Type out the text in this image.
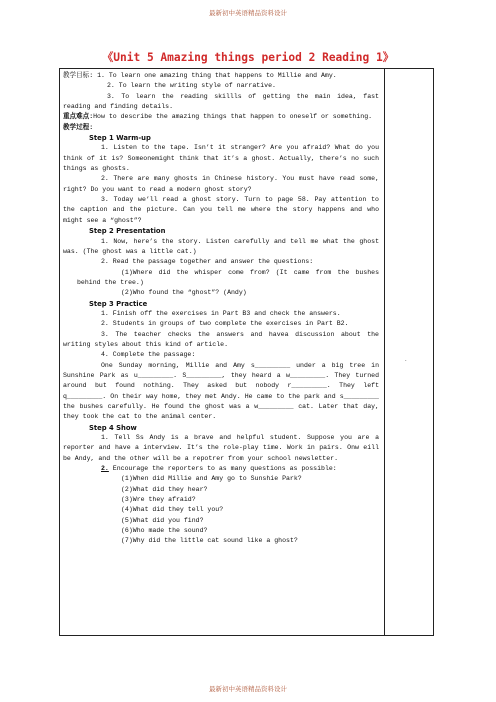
最新初中英语精品资料设计
《Unit 5 Amazing things period 2 Reading 1》
.

教学目标: 1. To learn one amazing thing that happens to Millie and Amy.

2. To learn the writing style of narrative.

3. To learn the reading skillls of getting the main idea, fast reading and finding details.

重点难点:How to describe the amazing things that happen to oneself or something.

教学过程:

Step 1 Warm-up

1. Listen to the tape. Isn’t it stranger? Are you afraid? What do you think of it is? Someonemight think that it’s a ghost. Actually, there’s no such things as ghosts.

2. There are many ghosts in Chinese history. You must have read some, right? Do you want to read a modern ghost story?

3. Today we’ll read a ghost story. Turn to page 58. Pay attention to the caption and the picture. Can you tell me where the story happens and who might see a “ghost”?

Step 2 Presentation

1. Now, here’s the story. Listen carefully and tell me what the ghost was. (The ghost was a little cat.)

2. Read the passage together and answer the questions:

(1)Where did the whisper come from? (It came from the bushes behind the tree.)

(2)Who found the “ghost”? (Andy)

Step 3 Practice

1. Finish off the exercises in Part B3 and check the answers.

2. Students in groups of two complete the exercises in Part B2.

3. The teacher checks the answers and havea discussion about the writing styles about this kind of article.

4. Complete the passage:

One Sunday morning, Millie and Amy s_________ under a big tree in Sunshine Park as u_________. S_________, they heard a w_________. They turned around but found nothing. They asked but nobody r_________. They left q_________. On their way home, they met Andy. He came to the park and s_________ the bushes carefully. He found the ghost was a w_________ cat. Later that day, they took the cat to the animal center.

Step 4 Show

1. Tell Ss Andy is a brave and helpful student. Suppose you are a reporter and have a interview. It’s the role-play time. Work in pairs. Onw eill be Andy, and the other will be a repotrer from your school newsletter.

2. Encourage the reporters to as many questions as possible:

(1)When did Millie and Amy go to Sunshie Park?

(2)What did they hear?

(3)Wre they afraid?

(4)What did they tell you?

(5)What did you find?

(6)Who made the sound?

(7)Why did the little cat sound like a ghost?

最新初中英语精品资料设计
